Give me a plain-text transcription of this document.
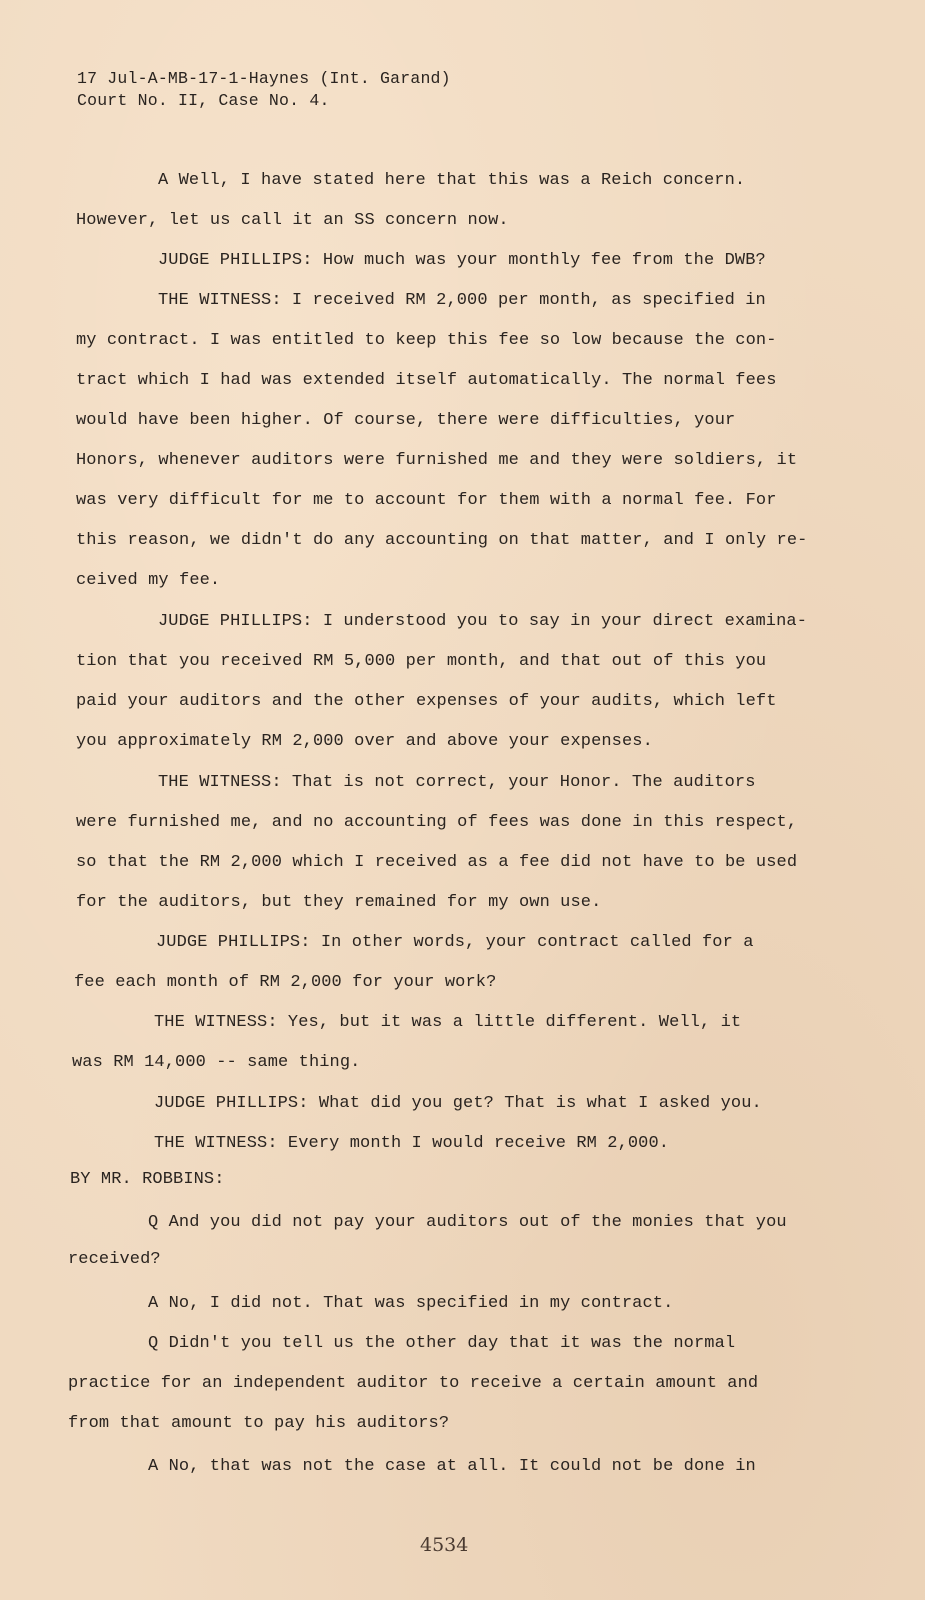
17 Jul-A-MB-17-1-Haynes (Int. Garand)
Court No. II, Case No. 4.
A Well, I have stated here that this was a Reich concern.
However, let us call it an SS concern now.
JUDGE PHILLIPS: How much was your monthly fee from the DWB?
THE WITNESS: I received RM 2,000 per month, as specified in
my contract. I was entitled to keep this fee so low because the con-
tract which I had was extended itself automatically. The normal fees
would have been higher. Of course, there were difficulties, your
Honors, whenever auditors were furnished me and they were soldiers, it
was very difficult for me to account for them with a normal fee. For
this reason, we didn't do any accounting on that matter, and I only re-
ceived my fee.
JUDGE PHILLIPS: I understood you to say in your direct examina-
tion that you received RM 5,000 per month, and that out of this you
paid your auditors and the other expenses of your audits, which left
you approximately RM 2,000 over and above your expenses.
THE WITNESS: That is not correct, your Honor. The auditors
were furnished me, and no accounting of fees was done in this respect,
so that the RM 2,000 which I received as a fee did not have to be used
for the auditors, but they remained for my own use.
JUDGE PHILLIPS: In other words, your contract called for a
fee each month of RM 2,000 for your work?
THE WITNESS: Yes, but it was a little different. Well, it
was RM 14,000 -- same thing.
JUDGE PHILLIPS: What did you get? That is what I asked you.
THE WITNESS: Every month I would receive RM 2,000.
BY MR. ROBBINS:
Q And you did not pay your auditors out of the monies that you
received?
A No, I did not. That was specified in my contract.
Q Didn't you tell us the other day that it was the normal
practice for an independent auditor to receive a certain amount and
from that amount to pay his auditors?
A No, that was not the case at all. It could not be done in
4534
